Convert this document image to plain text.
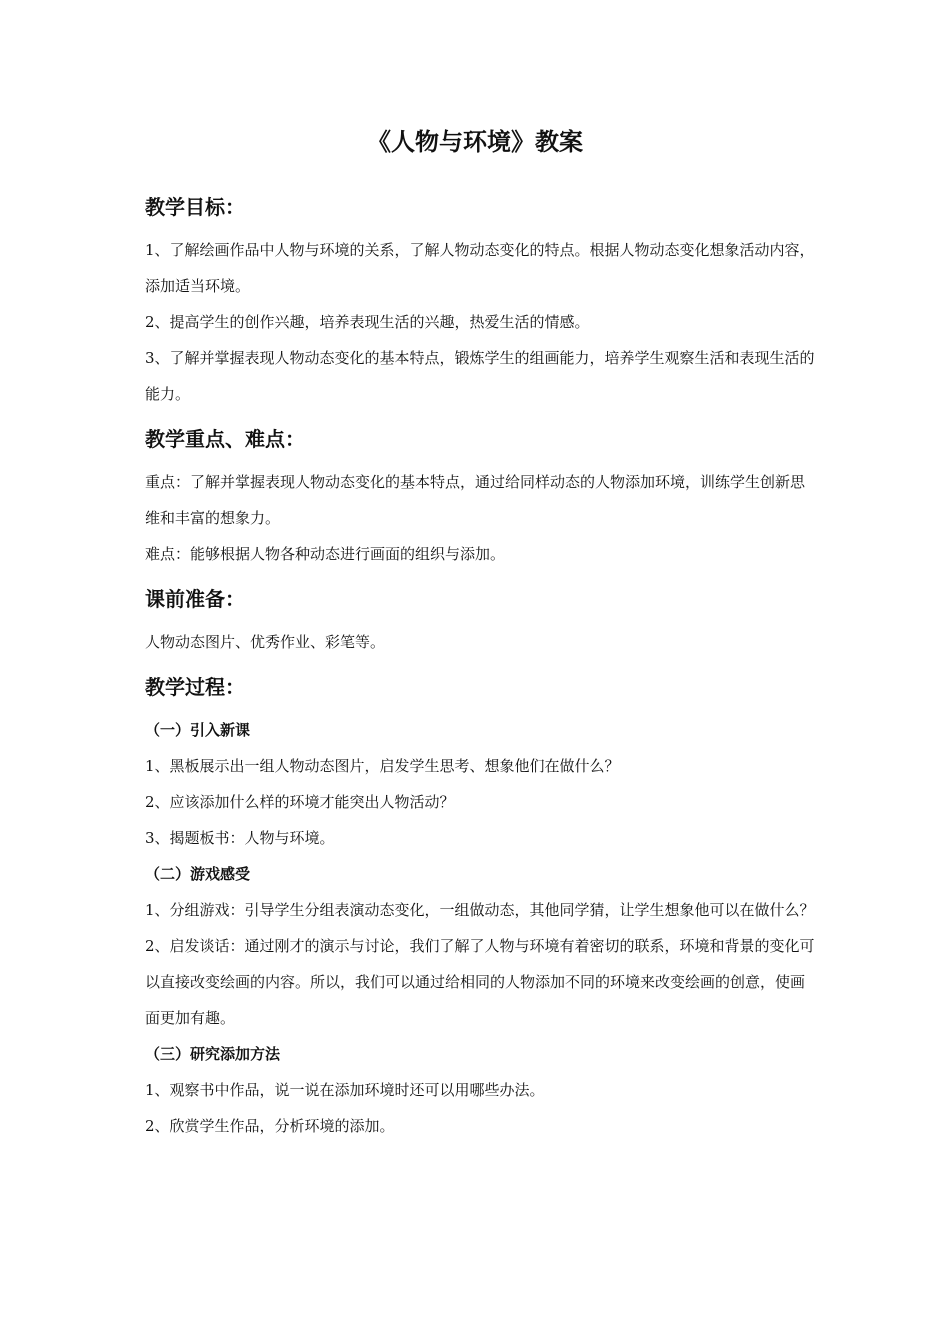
《人物与环境》教案
教学目标：

1、了解绘画作品中人物与环境的关系，了解人物动态变化的特点。根据人物动态变化想象活动内容，添加适当环境。

2、提高学生的创作兴趣，培养表现生活的兴趣，热爱生活的情感。

3、了解并掌握表现人物动态变化的基本特点，锻炼学生的组画能力，培养学生观察生活和表现生活的能力。

教学重点、难点：

重点：了解并掌握表现人物动态变化的基本特点，通过给同样动态的人物添加环境，训练学生创新思维和丰富的想象力。

难点：能够根据人物各种动态进行画面的组织与添加。

课前准备：

人物动态图片、优秀作业、彩笔等。

教学过程：
（一）引入新课

1、黑板展示出一组人物动态图片，启发学生思考、想象他们在做什么？

2、应该添加什么样的环境才能突出人物活动？

3、揭题板书：人物与环境。

（二）游戏感受

1、分组游戏：引导学生分组表演动态变化，一组做动态，其他同学猜，让学生想象他可以在做什么？

2、启发谈话：通过刚才的演示与讨论，我们了解了人物与环境有着密切的联系，环境和背景的变化可以直接改变绘画的内容。所以，我们可以通过给相同的人物添加不同的环境来改变绘画的创意，使画面更加有趣。

（三）研究添加方法

1、观察书中作品，说一说在添加环境时还可以用哪些办法。

2、欣赏学生作品，分析环境的添加。
